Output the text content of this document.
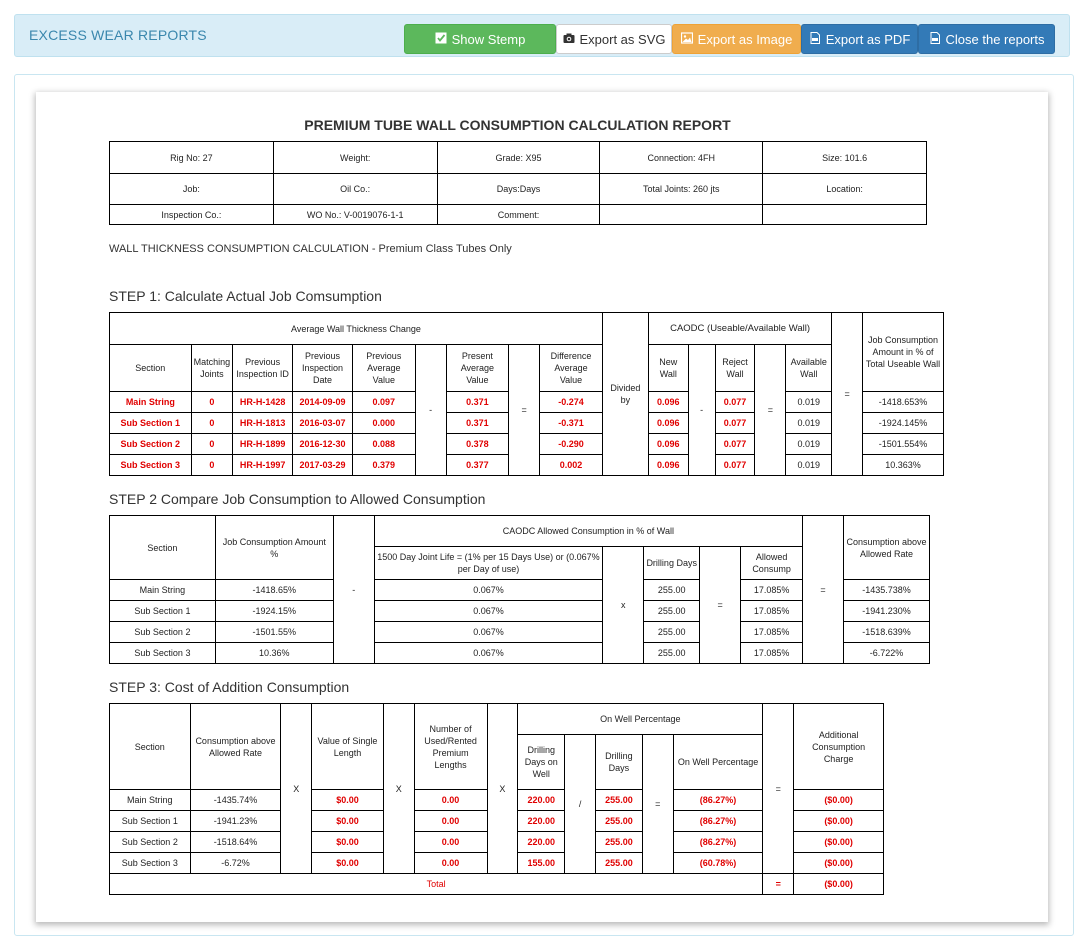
EXCESS WEAR REPORTS	Show Stemp	Export as SVG Export as Image	Export as PDF	Close the reports
PREMIUM TUBE WALL CONSUMPTION CALCULATION REPORT
Rig No: 27	Weight:	Grade: X95	Connection: 4FH	Size: 101.6
Job:	Oil Co.:	Days:Days	Total Joints: 260 jts	Location:
Inspection Co.:	WO No.: V-0019076-1-1	Comment:		
WALL THICKNESS CONSUMPTION CALCULATION - Premium Class Tubes Only
STEP 1: Calculate Actual Job Comsumption
Average Wall Thickness Change									Divided by	CAODC (Useable/Available Wall)					=	Job Consumption Amount in % of Total Useable Wall
Section	Matching Joints	Previous Inspection ID	Previous Inspection Date	Previous Average Value	-	Present Average Value	=	Difference Average Value		New Wall	-	Reject Wall	=	Available Wall		
Main String	0	HR-H-1428	2014-09-09	0.097		0.371		-0.274		0.096		0.077		0.019		-1418.653%
Sub Section 1	0	HR-H-1813	2016-03-07	0.000		0.371		-0.371		0.096		0.077		0.019		-1924.145%
Sub Section 2	0	HR-H-1899	2016-12-30	0.088		0.378		-0.290		0.096		0.077		0.019		-1501.554%
Sub Section 3	0	HR-H-1997	2017-03-29	0.379		0.377		0.002		0.096		0.077		0.019		10.363%
STEP 2 Compare Job Consumption to Allowed Consumption
Section	Job Consumption Amount %	-	CAODC Allowed Consumption in % of Wall					=	Consumption above Allowed Rate
			1500 Day Joint Life = (1% per 15 Days Use) or (0.067% per Day of use)	x	Drilling Days	=	Allowed Consump		
Main String	-1418.65%		0.067%		255.00		17.085%		-1435.738%
Sub Section 1	-1924.15%		0.067%		255.00		17.085%		-1941.230%
Sub Section 2	-1501.55%		0.067%		255.00		17.085%		-1518.639%
Sub Section 3	10.36%		0.067%		255.00		17.085%		-6.722%
STEP 3: Cost of Addition Consumption
Section	Consumption above Allowed Rate	X	Value of Single Length	X	Number of Used/Rented Premium Lengths	X	On Well Percentage					=	Additional Consumption Charge
							Drilling Days on Well	/	Drilling Days	=	On Well Percentage		
Main String	-1435.74%		$0.00		0.00		220.00		255.00		(86.27%)		($0.00)
Sub Section 1	-1941.23%		$0.00		0.00		220.00		255.00		(86.27%)		($0.00)
Sub Section 2	-1518.64%		$0.00		0.00		220.00		255.00		(86.27%)		($0.00)
Sub Section 3	-6.72%		$0.00		0.00		155.00		255.00		(60.78%)		($0.00)
Total												=	($0.00)
